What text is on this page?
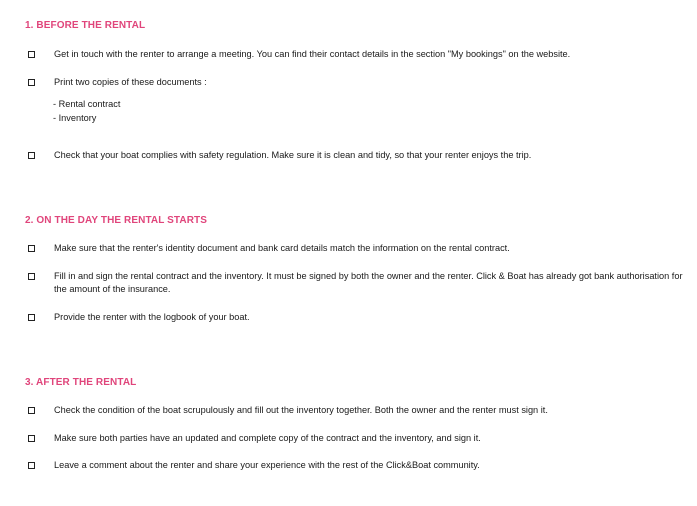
1. BEFORE THE RENTAL
Get in touch with the renter to arrange a meeting. You can find their contact details in the section "My bookings" on the website.
Print two copies of these documents :
- Rental contract
- Inventory
Check that your boat complies with safety regulation. Make sure it is clean and tidy, so that your renter enjoys the trip.
2. ON THE DAY THE RENTAL STARTS
Make sure that the renter's identity document and bank card details match the information on the rental contract.
Fill in and sign the rental contract and the inventory. It must be signed by both the owner and the renter. Click & Boat has already got bank authorisation for the amount of the insurance.
Provide the renter with the logbook of your boat.
3. AFTER THE RENTAL
Check the condition of the boat scrupulously and fill out the inventory together. Both the owner and the renter must sign it.
Make sure both parties have an updated and complete copy of the contract and the inventory, and sign it.
Leave a comment about the renter and share your experience with the rest of the Click&Boat community.
